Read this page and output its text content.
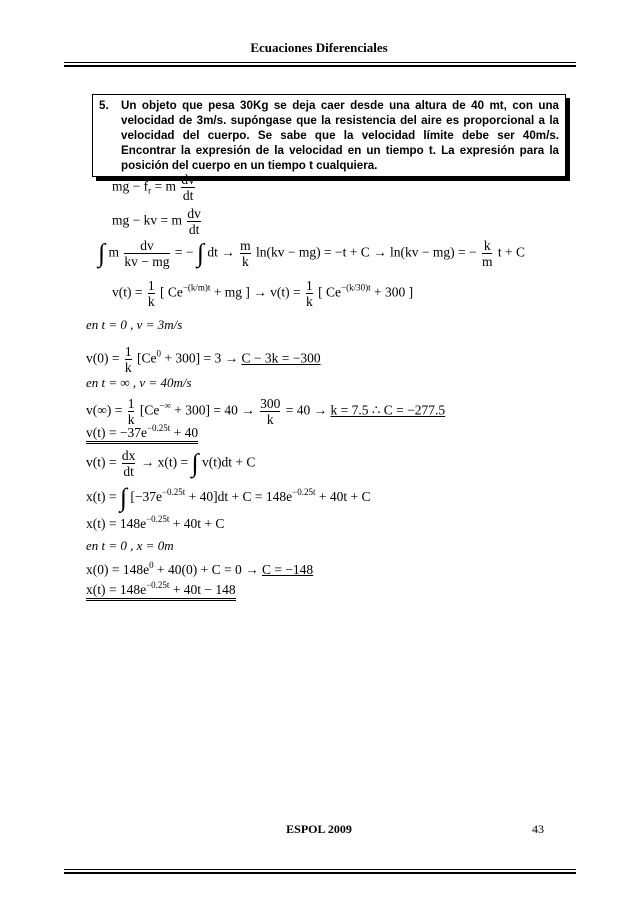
Ecuaciones Diferenciales
5. Un objeto que pesa 30Kg se deja caer desde una altura de 40 mt, con una velocidad de 3m/s. supóngase que la resistencia del aire es proporcional a la velocidad del cuerpo. Se sabe que la velocidad límite debe ser 40m/s. Encontrar la expresión de la velocidad en un tiempo t. La expresión para la posición del cuerpo en un tiempo t cualquiera.
mg − $f_r = m \frac{dv}{dt}$
mg − kv = m $\frac{dv}{dt}$
∫ m $\frac{dv}{kv - mg}$ = − ∫ dt → $\frac{m}{k} \ln(kv - mg) = -t + C \to \ln(kv - mg)$ = − $\frac{k}{m}$ t + C
$v(t) = \frac{1}{k}$ [ $Ce^{-(k/m)t}$ + mg ] → $v(t) = \frac{1}{k}$ [ $Ce^{-(k/30)t} + 300$ ]
en t = 0 , v = 3m/s
$v(0) = \frac{1}{k} [Ce^0 + 300] = 3 \to C - 3k = -300$
en t = ∞ , v = 40m/s
$v(\infty) = \frac{1}{k} [Ce^{-\infty} + 300] = 40 \to \frac{300}{k} = 40 \to k = 7.5$ ∴ C = −277.5
$v(t) = -37e^{-0.25t} + 40$
$v(t) = \frac{dx}{dt} \to x(t)$ = ∫ v(t)dt + C
x(t) = ∫ $[-37e^{-0.25t} + 40]dt + C = 148e^{-0.25t} + 40t + C$
$x(t) = 148e^{-0.25t} + 40t + C$
en t = 0 , x = 0m
$x(0) = 148e^0 + 40(0) + C = 0 \to C = -148$
$x(t) = 148e^{-0.25t} + 40t - 148$
ESPOL 2009	43
